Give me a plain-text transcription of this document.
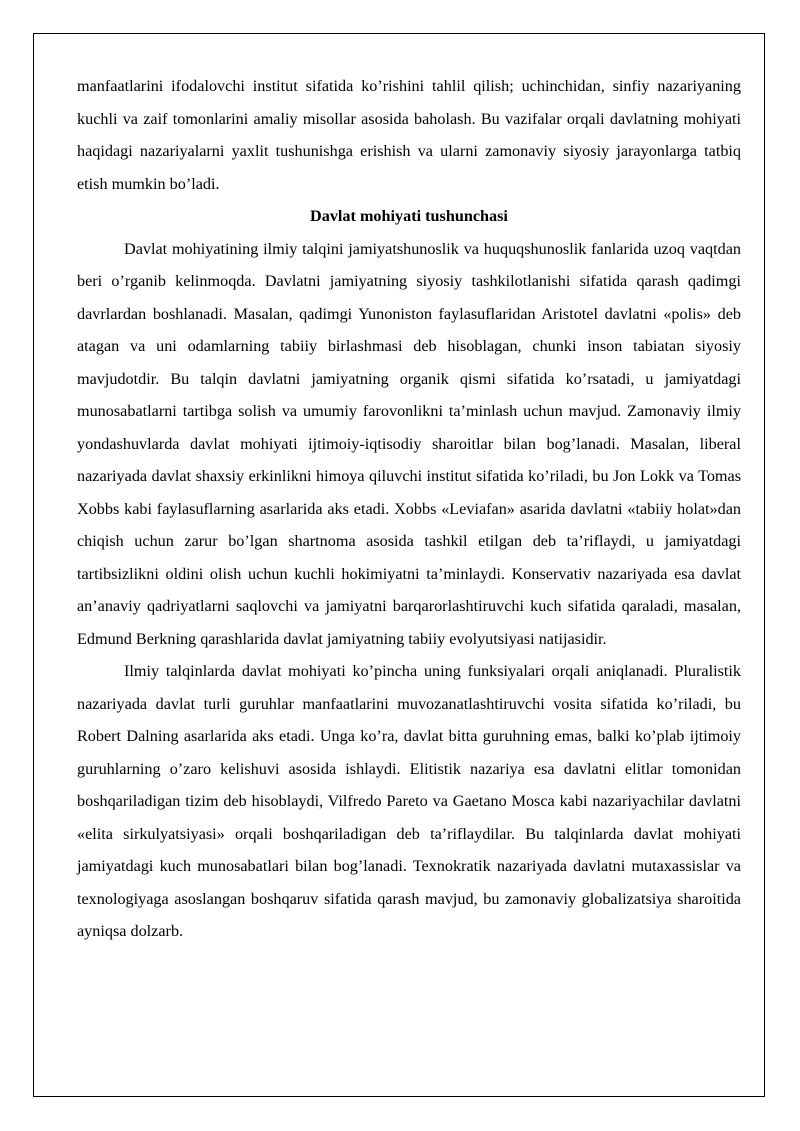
manfaatlarini ifodalovchi institut sifatida ko’rishini tahlil qilish; uchinchidan, sinfiy nazariyaning kuchli va zaif tomonlarini amaliy misollar asosida baholash. Bu vazifalar orqali davlatning mohiyati haqidagi nazariyalarni yaxlit tushunishga erishish va ularni zamonaviy siyosiy jarayonlarga tatbiq etish mumkin bo’ladi.

Davlat mohiyati tushunchasi

Davlat mohiyatining ilmiy talqini jamiyatshunoslik va huquqshunoslik fanlarida uzoq vaqtdan beri o’rganib kelinmoqda. Davlatni jamiyatning siyosiy tashkilotlanishi sifatida qarash qadimgi davrlardan boshlanadi. Masalan, qadimgi Yunoniston faylasuflaridan Aristotel davlatni «polis» deb atagan va uni odamlarning tabiiy birlashmasi deb hisoblagan, chunki inson tabiatan siyosiy mavjudotdir. Bu talqin davlatni jamiyatning organik qismi sifatida ko’rsatadi, u jamiyatdagi munosabatlarni tartibga solish va umumiy farovonlikni ta’minlash uchun mavjud. Zamonaviy ilmiy yondashuvlarda davlat mohiyati ijtimoiy-iqtisodiy sharoitlar bilan bog’lanadi. Masalan, liberal nazariyada davlat shaxsiy erkinlikni himoya qiluvchi institut sifatida ko’riladi, bu Jon Lokk va Tomas Xobbs kabi faylasuflarning asarlarida aks etadi. Xobbs «Leviafan» asarida davlatni «tabiiy holat»dan chiqish uchun zarur bo’lgan shartnoma asosida tashkil etilgan deb ta’riflaydi, u jamiyatdagi tartibsizlikni oldini olish uchun kuchli hokimiyatni ta’minlaydi. Konservativ nazariyada esa davlat an’anaviy qadriyatlarni saqlovchi va jamiyatni barqarorlashtiruvchi kuch sifatida qaraladi, masalan, Edmund Berkning qarashlarida davlat jamiyatning tabiiy evolyutsiyasi natijasidir.

Ilmiy talqinlarda davlat mohiyati ko’pincha uning funksiyalari orqali aniqlanadi. Pluralistik nazariyada davlat turli guruhlar manfaatlarini muvozanatlashtiruvchi vosita sifatida ko’riladi, bu Robert Dalning asarlarida aks etadi. Unga ko’ra, davlat bitta guruhning emas, balki ko’plab ijtimoiy guruhlarning o’zaro kelishuvi asosida ishlaydi. Elitistik nazariya esa davlatni elitlar tomonidan boshqariladigan tizim deb hisoblaydi, Vilfredo Pareto va Gaetano Mosca kabi nazariyachilar davlatni «elita sirkulyatsiyasi» orqali boshqariladigan deb ta’riflaydilar. Bu talqinlarda davlat mohiyati jamiyatdagi kuch munosabatlari bilan bog’lanadi. Texnokratik nazariyada davlatni mutaxassislar va texnologiyaga asoslangan boshqaruv sifatida qarash mavjud, bu zamonaviy globalizatsiya sharoitida ayniqsa dolzarb.
